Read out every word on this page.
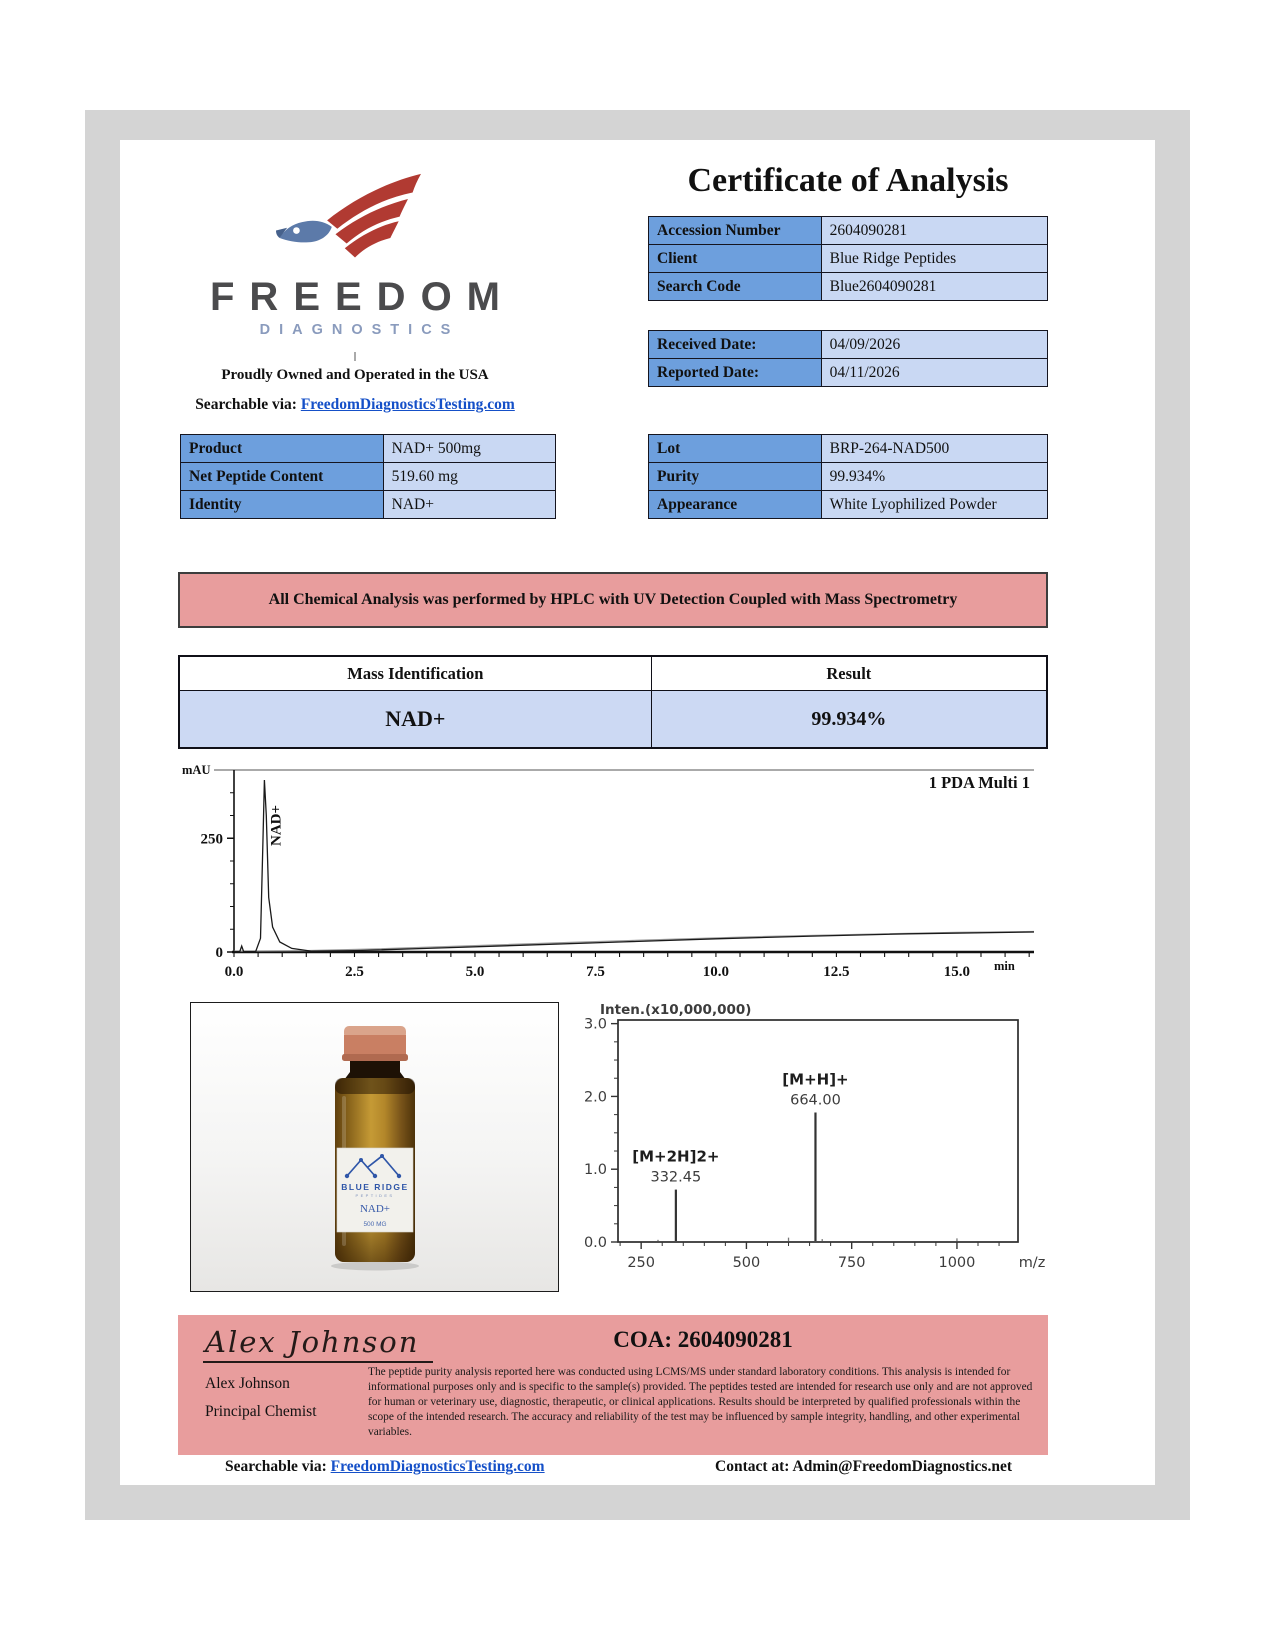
FREEDOM
DIAGNOSTICS
Proudly Owned and Operated in the USA
Searchable via: FreedomDiagnosticsTesting.com
Certificate of Analysis
Accession Number	2604090281
Client	Blue Ridge Peptides
Search Code	Blue2604090281
Received Date:	04/09/2026
Reported Date:	04/11/2026
Product	NAD+ 500mg
Net Peptide Content	519.60 mg
Identity	NAD+
Lot	BRP-264-NAD500
Purity	99.934%
Appearance	White Lyophilized Powder
All Chemical Analysis was performed by HPLC with UV Detection Coupled with Mass Spectrometry
Mass Identification	Result
NAD+	99.934%
mAU
0
250
0.0	2.5	5.0	7.5	10.0	12.5	15.0 min
1 PDA Multi 1
NAD+
BLUE RIDGE
PEPTIDES
NAD+
500 MG
Inten.(x10,000,000)
0.0
1.0
2.0
3.0
250	500	750	1000	m/z
[M+2H]2+
332.45
[M+H]+
664.00
Alex Johnson
Alex Johnson
Principal Chemist
COA: 2604090281
The peptide purity analysis reported here was conducted using LCMS/MS under standard laboratory conditions. This analysis is intended for informational purposes only and is specific to the sample(s) provided. The peptides tested are intended for research use only and are not approved for human or veterinary use, diagnostic, therapeutic, or clinical applications. Results should be interpreted by qualified professionals within the scope of the intended research. The accuracy and reliability of the test may be influenced by sample integrity, handling, and other experimental variables.
Searchable via: FreedomDiagnosticsTesting.com	Contact at: Admin@FreedomDiagnostics.net
